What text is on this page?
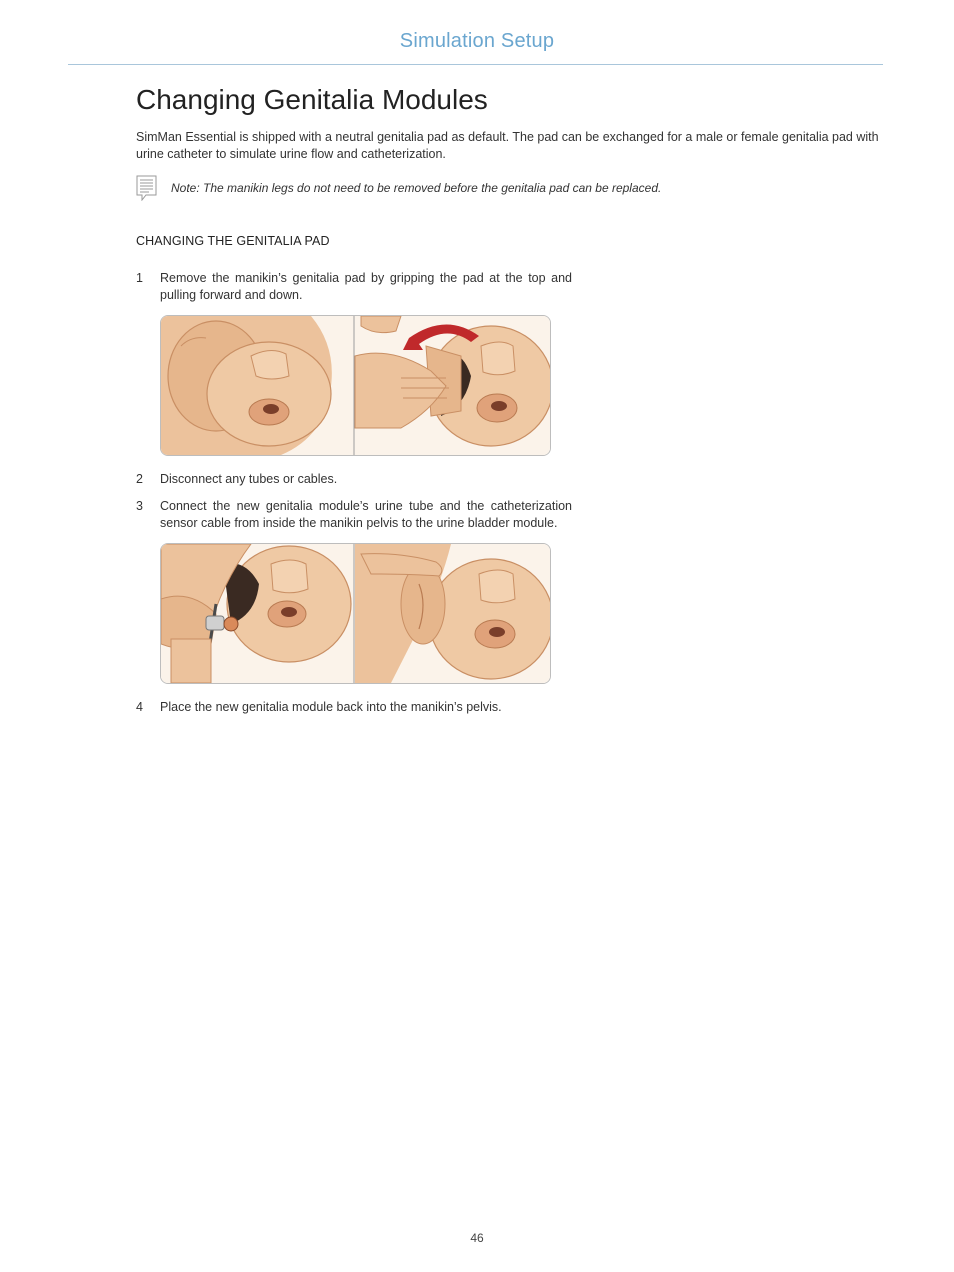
Simulation Setup
Changing Genitalia Modules

SimMan Essential is shipped with a neutral genitalia pad as default. The pad can be exchanged for a male or female genitalia pad with urine catheter to simulate urine flow and catheterization.

Note: The manikin legs do not need to be removed before the genitalia pad can be replaced.

CHANGING THE GENITALIA PAD
1	Remove the manikin’s genitalia pad by gripping the pad at the top and pulling forward and down.
2	Disconnect any tubes or cables.
3	Connect the new genitalia module’s urine tube and the catheterization sensor cable from inside the manikin pelvis to the urine bladder module.
4	Place the new genitalia module back into the manikin’s pelvis.
46
